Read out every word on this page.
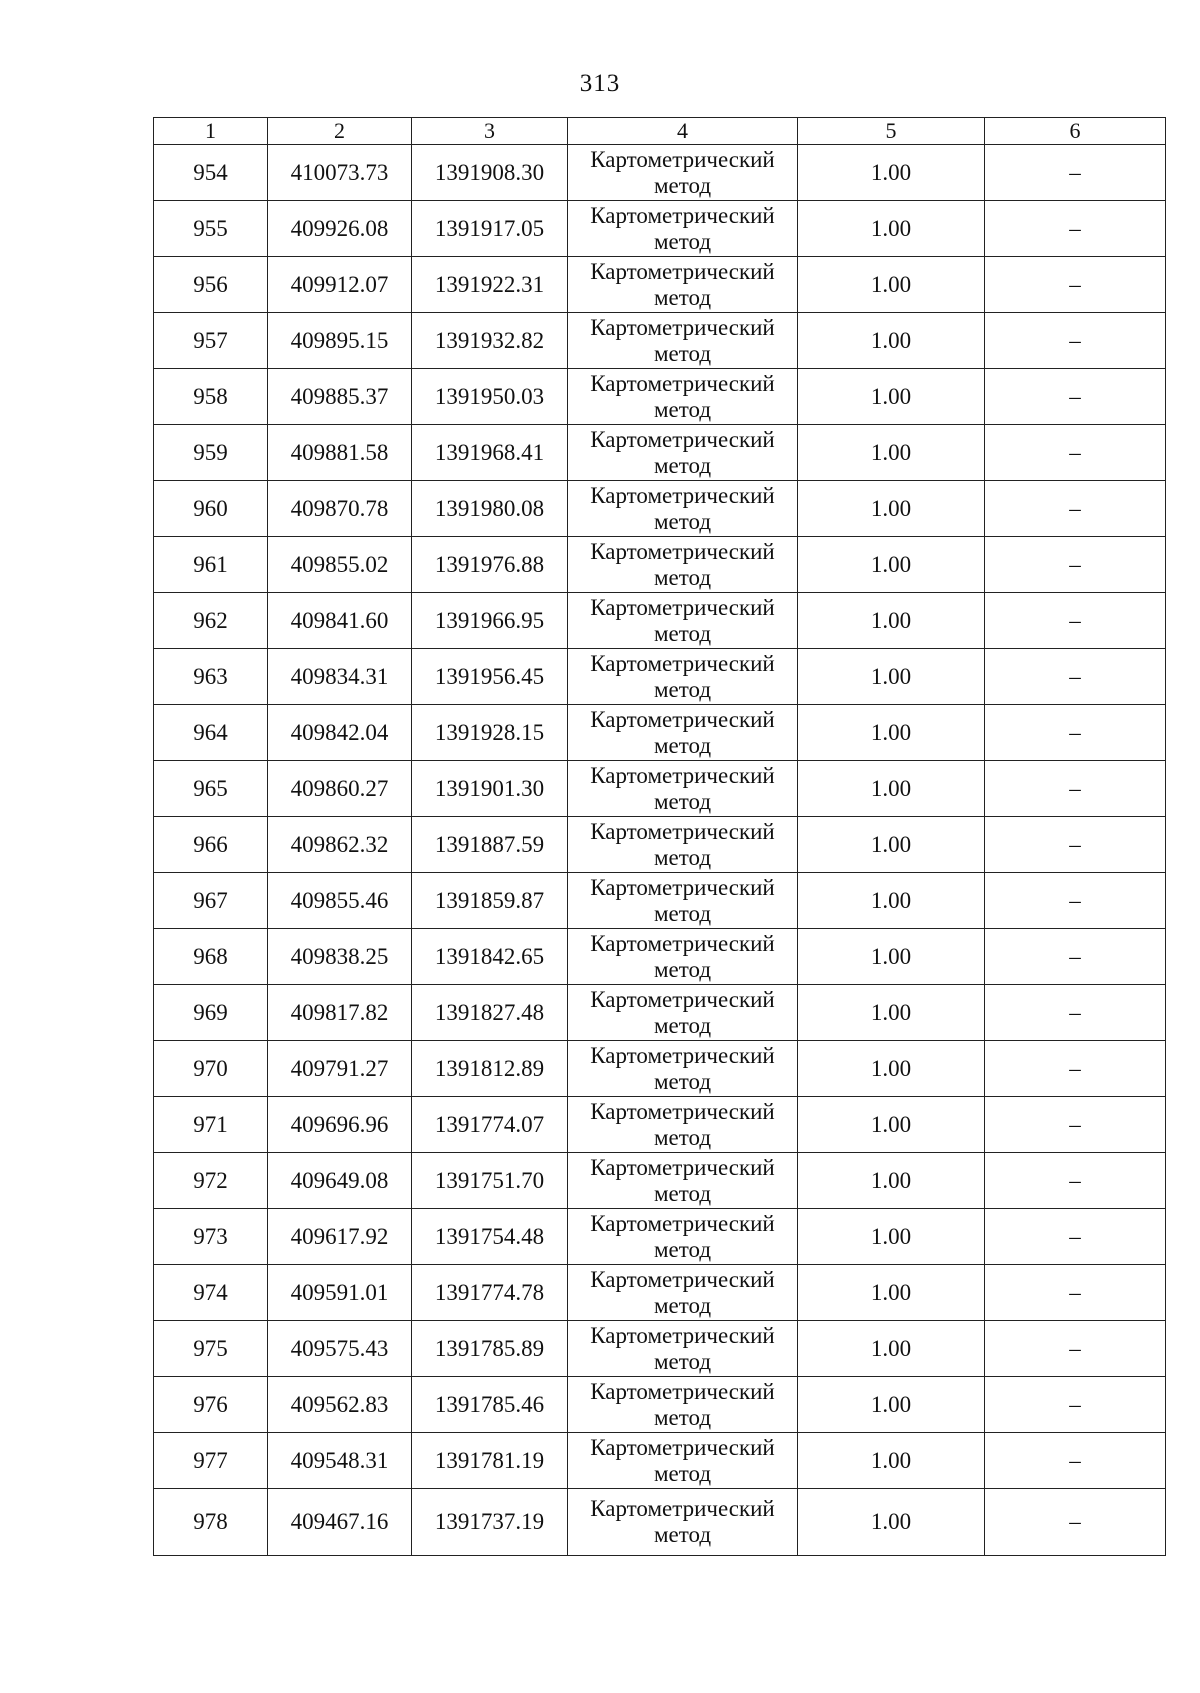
313
1	2	3	4	5	6
954	410073.73	1391908.30	Картометрический метод	1.00	–
955	409926.08	1391917.05	Картометрический метод	1.00	–
956	409912.07	1391922.31	Картометрический метод	1.00	–
957	409895.15	1391932.82	Картометрический метод	1.00	–
958	409885.37	1391950.03	Картометрический метод	1.00	–
959	409881.58	1391968.41	Картометрический метод	1.00	–
960	409870.78	1391980.08	Картометрический метод	1.00	–
961	409855.02	1391976.88	Картометрический метод	1.00	–
962	409841.60	1391966.95	Картометрический метод	1.00	–
963	409834.31	1391956.45	Картометрический метод	1.00	–
964	409842.04	1391928.15	Картометрический метод	1.00	–
965	409860.27	1391901.30	Картометрический метод	1.00	–
966	409862.32	1391887.59	Картометрический метод	1.00	–
967	409855.46	1391859.87	Картометрический метод	1.00	–
968	409838.25	1391842.65	Картометрический метод	1.00	–
969	409817.82	1391827.48	Картометрический метод	1.00	–
970	409791.27	1391812.89	Картометрический метод	1.00	–
971	409696.96	1391774.07	Картометрический метод	1.00	–
972	409649.08	1391751.70	Картометрический метод	1.00	–
973	409617.92	1391754.48	Картометрический метод	1.00	–
974	409591.01	1391774.78	Картометрический метод	1.00	–
975	409575.43	1391785.89	Картометрический метод	1.00	–
976	409562.83	1391785.46	Картометрический метод	1.00	–
977	409548.31	1391781.19	Картометрический метод	1.00	–
978	409467.16	1391737.19	Картометрический метод	1.00	–
